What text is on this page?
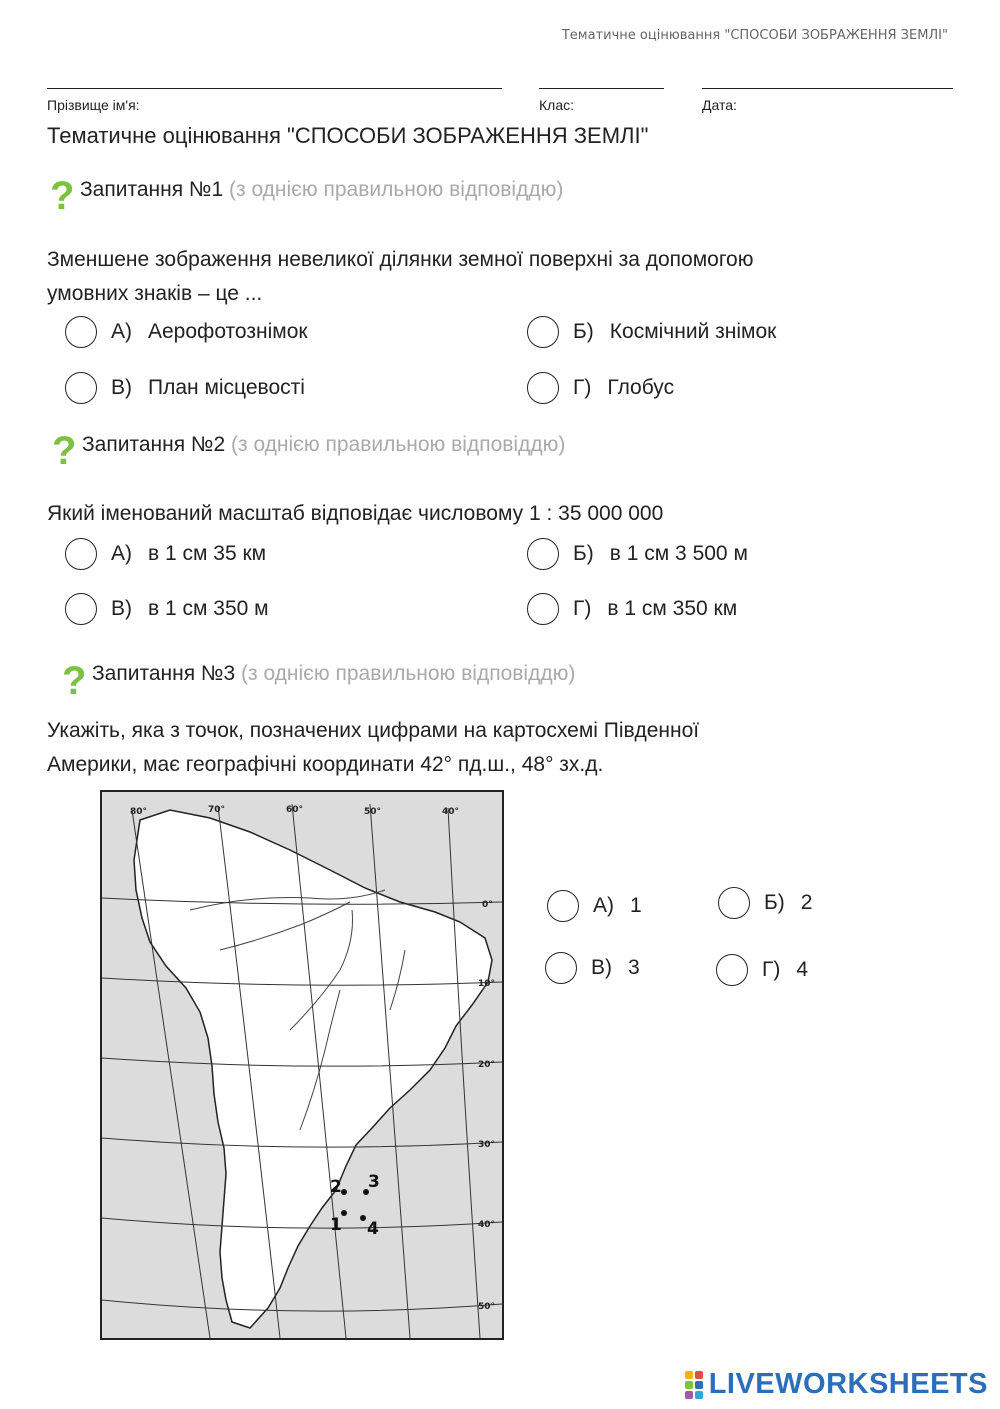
Тематичне оцінювання "СПОСОБИ ЗОБРАЖЕННЯ ЗЕМЛІ"
Прізвище ім'я:	Клас:	Дата:
Тематичне оцінювання "СПОСОБИ ЗОБРАЖЕННЯ ЗЕМЛІ"
? Запитання №1 (з однією правильною відповіддю)
Зменшене зображення невеликої ділянки земної поверхні за допомогою
умовних знаків – це ...
А) Аерофотознімок	Б) Космічний знімок
В) План місцевості	Г) Глобус
? Запитання №2 (з однією правильною відповіддю)
Який іменований масштаб відповідає числовому 1 : 35 000 000
А) в 1 см 35 км	Б) в 1 см 3 500 м
В) в 1 см 350 м	Г) в 1 см 350 км
? Запитання №3 (з однією правильною відповіддю)
Укажіть, яка з точок, позначених цифрами на картосхемі Південної
Америки, має географічні координати 42° пд.ш., 48° зх.д.
80°	70°	60°	50°	40°
0°
10°
20°
30°
40°
50°
2 3
1 4
А) 1	Б) 2
В) 3	Г) 4
LIVEWORKSHEETS
